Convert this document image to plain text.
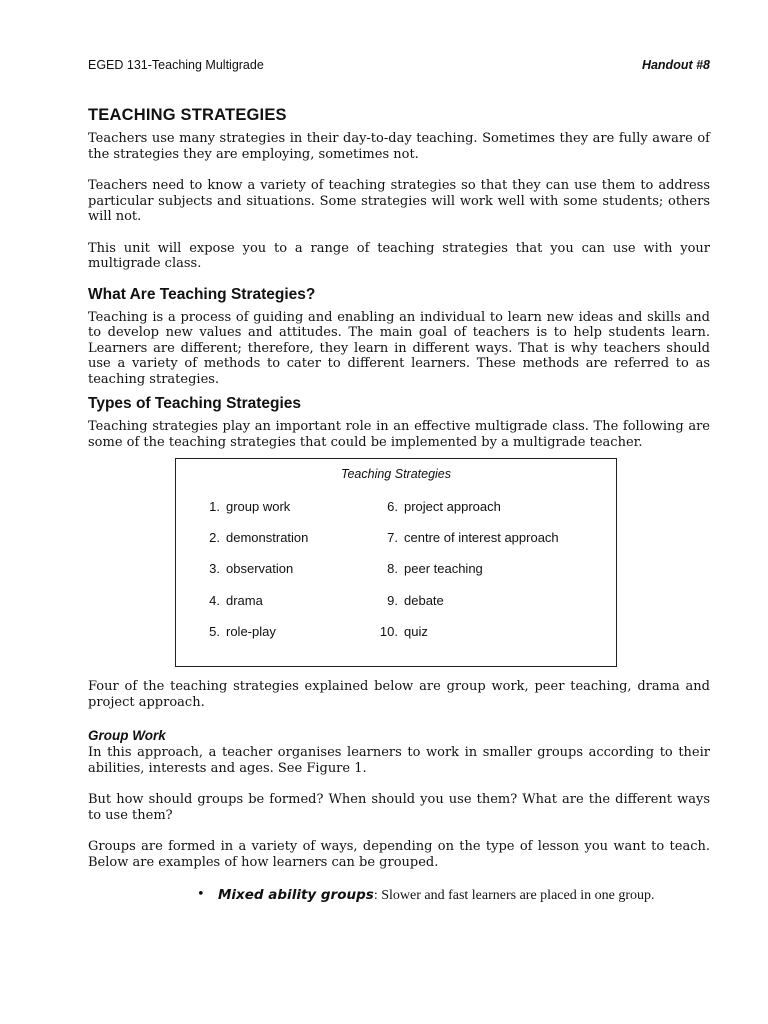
EGED 131-Teaching Multigrade	Handout #8
TEACHING STRATEGIES

Teachers use many strategies in their day-to-day teaching. Sometimes they are fully aware of the strategies they are employing, sometimes not.

Teachers need to know a variety of teaching strategies so that they can use them to address particular subjects and situations. Some strategies will work well with some students; others will not.

This unit will expose you to a range of teaching strategies that you can use with your multigrade class.

What Are Teaching Strategies?

Teaching is a process of guiding and enabling an individual to learn new ideas and skills and to develop new values and attitudes. The main goal of teachers is to help students learn. Learners are different; therefore, they learn in different ways. That is why teachers should use a variety of methods to cater to different learners. These methods are referred to as teaching strategies.

Types of Teaching Strategies

Teaching strategies play an important role in an effective multigrade class. The following are some of the teaching strategies that could be implemented by a multigrade teacher.

Teaching Strategies
1. group work
2. demonstration
3. observation
4. drama
5. role-play
6. project approach
7. centre of interest approach
8. peer teaching
9. debate
10. quiz

Four of the teaching strategies explained below are group work, peer teaching, drama and project approach.

Group Work

In this approach, a teacher organises learners to work in smaller groups according to their abilities, interests and ages. See Figure 1.

But how should groups be formed? When should you use them? What are the different ways to use them?

Groups are formed in a variety of ways, depending on the type of lesson you want to teach. Below are examples of how learners can be grouped.

• Mixed ability groups: Slower and fast learners are placed in one group.
